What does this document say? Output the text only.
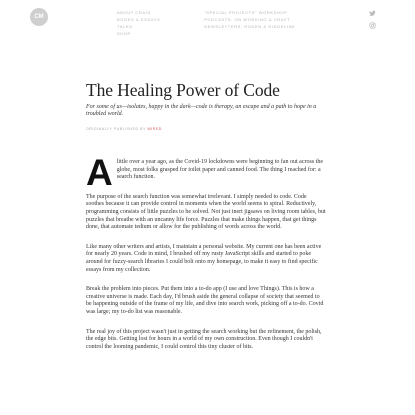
CM
ABOUT CRAIG
BOOKS & ESSAYS
TALKS
SHOP
"SPECIAL PROJECTS" WORKSHOP
PODCASTS: ON WORKING & CRAFT
NEWSLETTERS: RODEN & RIDGELINE
The Healing Power of Code

For some of us—isolates, happy in the dark—code is therapy, an escape and a path to hope in a troubled world.

ORIGINALLY PUBLISHED BY WIRED

Alittle over a year ago, as the Covid-19 lockdowns were beginning to fan out across the globe, most folks grasped for toilet paper and canned food. The thing I reached for: a search function.

The purpose of the search function was somewhat irrelevant. I simply needed to code. Code soothes because it can provide control in moments when the world seems to spiral. Reductively, programming consists of little puzzles to be solved. Not just inert jigsaws on living room tables, but puzzles that breathe with an uncanny life force. Puzzles that make things happen, that get things done, that automate tedium or allow for the publishing of words across the world.

Like many other writers and artists, I maintain a personal website. My current one has been active for nearly 20 years. Code in mind, I brushed off my rusty JavaScript skills and started to poke around for fuzzy-search libraries I could bolt onto my homepage, to make it easy to find specific essays from my collection.

Break the problem into pieces. Put them into a to-do app (I use and love Things). This is how a creative universe is made. Each day, I'd brush aside the general collapse of society that seemed to be happening outside of the frame of my life, and dive into search work, picking off a to-do. Covid was large; my to-do list was reasonable.

The real joy of this project wasn't just in getting the search working but the refinement, the polish, the edge bits. Getting lost for hours in a world of my own construction. Even though I couldn't control the looming pandemic, I could control this tiny cluster of bits.
